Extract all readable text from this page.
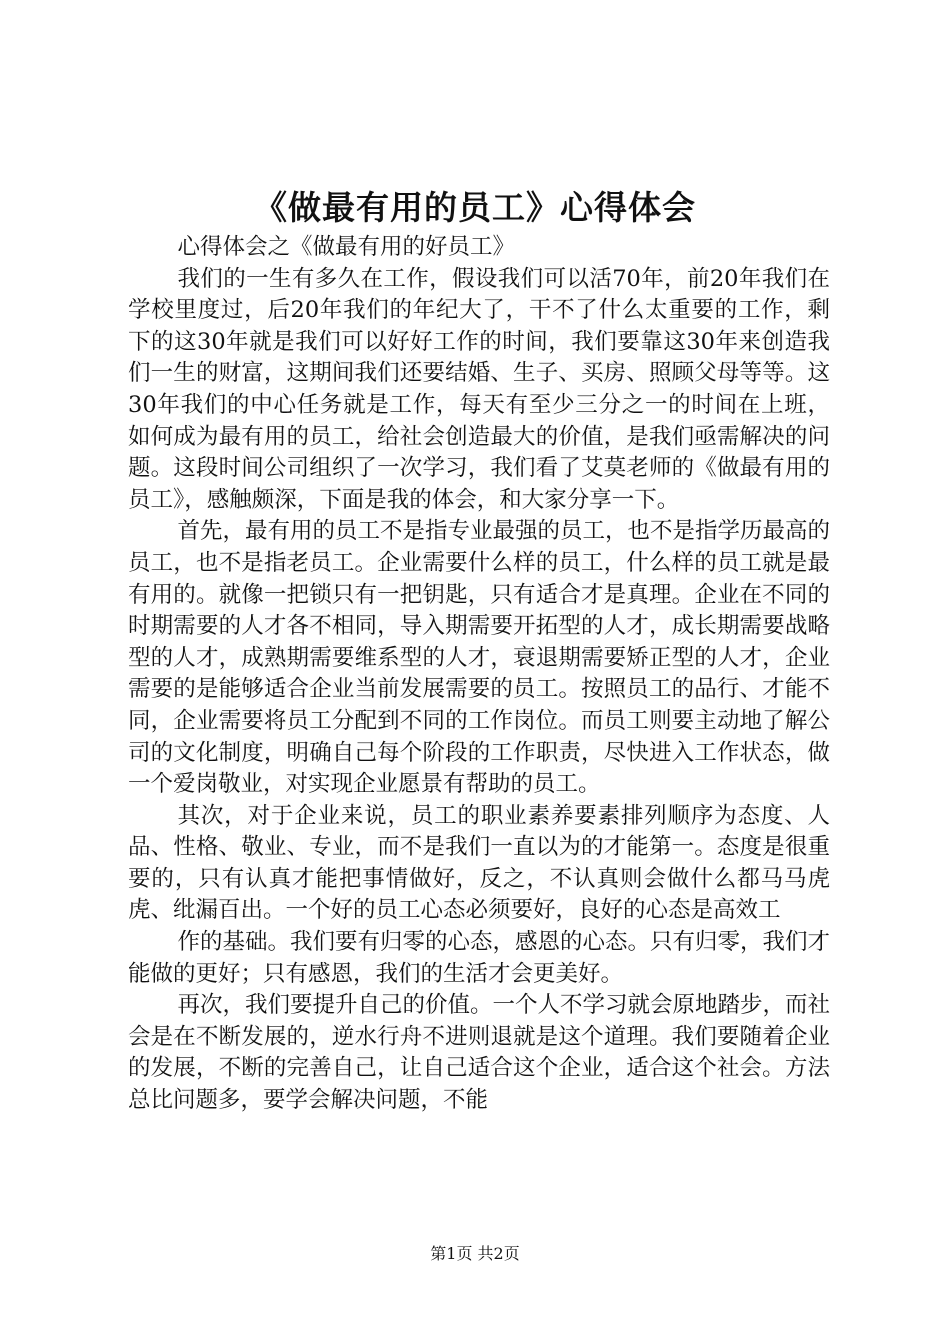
《做最有用的员工》心得体会

心得体会之《做最有用的好员工》

我们的一生有多久在工作，假设我们可以活70年，前20年我们在学校里度过，后20年我们的年纪大了，干不了什么太重要的工作，剩下的这30年就是我们可以好好工作的时间，我们要靠这30年来创造我们一生的财富，这期间我们还要结婚、生子、买房、照顾父母等等。这30年我们的中心任务就是工作，每天有至少三分之一的时间在上班，如何成为最有用的员工，给社会创造最大的价值，是我们亟需解决的问题。这段时间公司组织了一次学习，我们看了艾莫老师的《做最有用的员工》，感触颇深，下面是我的体会，和大家分享一下。

首先，最有用的员工不是指专业最强的员工，也不是指学历最高的员工，也不是指老员工。企业需要什么样的员工，什么样的员工就是最有用的。就像一把锁只有一把钥匙，只有适合才是真理。企业在不同的时期需要的人才各不相同，导入期需要开拓型的人才，成长期需要战略型的人才，成熟期需要维系型的人才，衰退期需要矫正型的人才，企业需要的是能够适合企业当前发展需要的员工。按照员工的品行、才能不同，企业需要将员工分配到不同的工作岗位。而员工则要主动地了解公司的文化制度，明确自己每个阶段的工作职责，尽快进入工作状态，做一个爱岗敬业，对实现企业愿景有帮助的员工。

其次，对于企业来说，员工的职业素养要素排列顺序为态度、人品、性格、敬业、专业，而不是我们一直以为的才能第一。态度是很重要的，只有认真才能把事情做好，反之，不认真则会做什么都马马虎虎、纰漏百出。一个好的员工心态必须要好，良好的心态是高效工

作的基础。我们要有归零的心态，感恩的心态。只有归零，我们才能做的更好；只有感恩，我们的生活才会更美好。

再次，我们要提升自己的价值。一个人不学习就会原地踏步，而社会是在不断发展的，逆水行舟不进则退就是这个道理。我们要随着企业的发展，不断的完善自己，让自己适合这个企业，适合这个社会。方法总比问题多，要学会解决问题，不能

第1页 共2页
